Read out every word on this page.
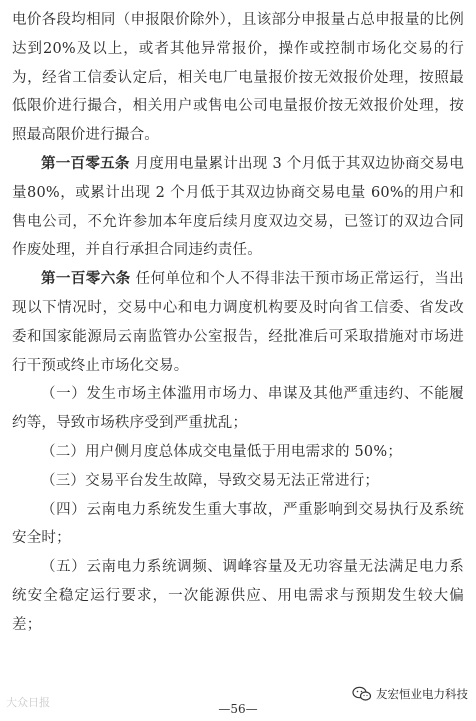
电价各段均相同（申报限价除外），且该部分申报量占总申报量的比例达到20%及以上，或者其他异常报价，操作或控制市场化交易的行为，经省工信委认定后，相关电厂电量报价按无效报价处理，按照最低限价进行撮合，相关用户或售电公司电量报价按无效报价处理，按照最高限价进行撮合。

第一百零五条 月度用电量累计出现 3 个月低于其双边协商交易电量80%，或累计出现 2 个月低于其双边协商交易电量 60%的用户和售电公司，不允许参加本年度后续月度双边交易，已签订的双边合同作废处理，并自行承担合同违约责任。

第一百零六条 任何单位和个人不得非法干预市场正常运行，当出现以下情况时，交易中心和电力调度机构要及时向省工信委、省发改委和国家能源局云南监管办公室报告，经批准后可采取措施对市场进行干预或终止市场化交易。

（一）发生市场主体滥用市场力、串谋及其他严重违约、不能履约等，导致市场秩序受到严重扰乱；

（二）用户侧月度总体成交电量低于用电需求的 50%；

（三）交易平台发生故障，导致交易无法正常进行；

（四）云南电力系统发生重大事故，严重影响到交易执行及系统安全时；

（五）云南电力系统调频、调峰容量及无功容量无法满足电力系统安全稳定运行要求，一次能源供应、用电需求与预期发生较大偏差；

大众日报	—56—
友宏恒业电力科技
